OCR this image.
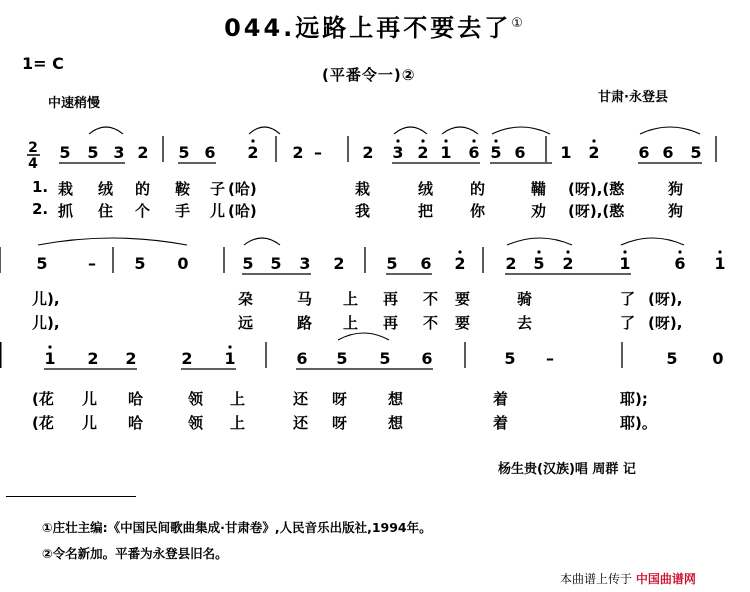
044.远路上再不要去了①
1= C
(平番令一)②
中速稍慢	甘肃·永登县
5 5 3 2 5 6 2 2 –	2 3 2 1 6 5 6 1 2 6 6 5
5	– 5 0	5 5 3 2	5 6 2 2 5 2	1	6 1
1 2 2	2 1	6 5 5 6	5 –	5 0
2
4
1. 栽 绒 的 鞍 子 (哈)	栽	绒 的	鞴 (呀),(憨	狗
2. 抓 住 个 手 儿 (哈)	我	把 你	劝 (呀),(憨	狗
儿),	朶	马 上 再 不 要	骑	了 (呀),
儿),	远	路 上 再 不 要	去	了 (呀),
(花 儿 哈	领 上	还 呀	想	着	耶);
(花 儿 哈	领 上	还 呀	想	着	耶)。
杨生贵(汉族)唱 周群 记
①庄壮主编:《中国民间歌曲集成·甘肃卷》,人民音乐出版社,1994年。
②令名新加。平番为永登县旧名。
本曲谱上传于 中国曲谱网
